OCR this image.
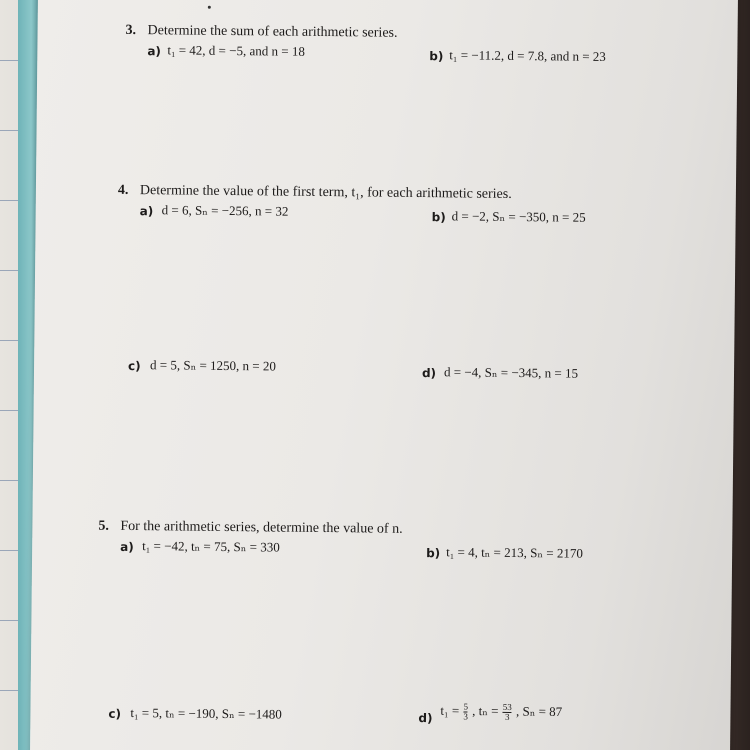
3. Determine the sum of each arithmetic series.
a) t₁ = 42, d = −5, and n = 18	b) t₁ = −11.2, d = 7.8, and n = 23
4. Determine the value of the first term, t₁, for each arithmetic series.
a) d = 6, Sₙ = −256, n = 32	b) d = −2, Sₙ = −350, n = 25
c) d = 5, Sₙ = 1250, n = 20	d) d = −4, Sₙ = −345, n = 15
5. For the arithmetic series, determine the value of n.
a) t₁ = −42, tₙ = 75, Sₙ = 330	b) t₁ = 4, tₙ = 213, Sₙ = 2170
c) t₁ = 5, tₙ = −190, Sₙ = −1480	d)
$t_1 = \frac{5}{3}$ , $t_n = \frac{53}{3}$ , Sₙ = 87
